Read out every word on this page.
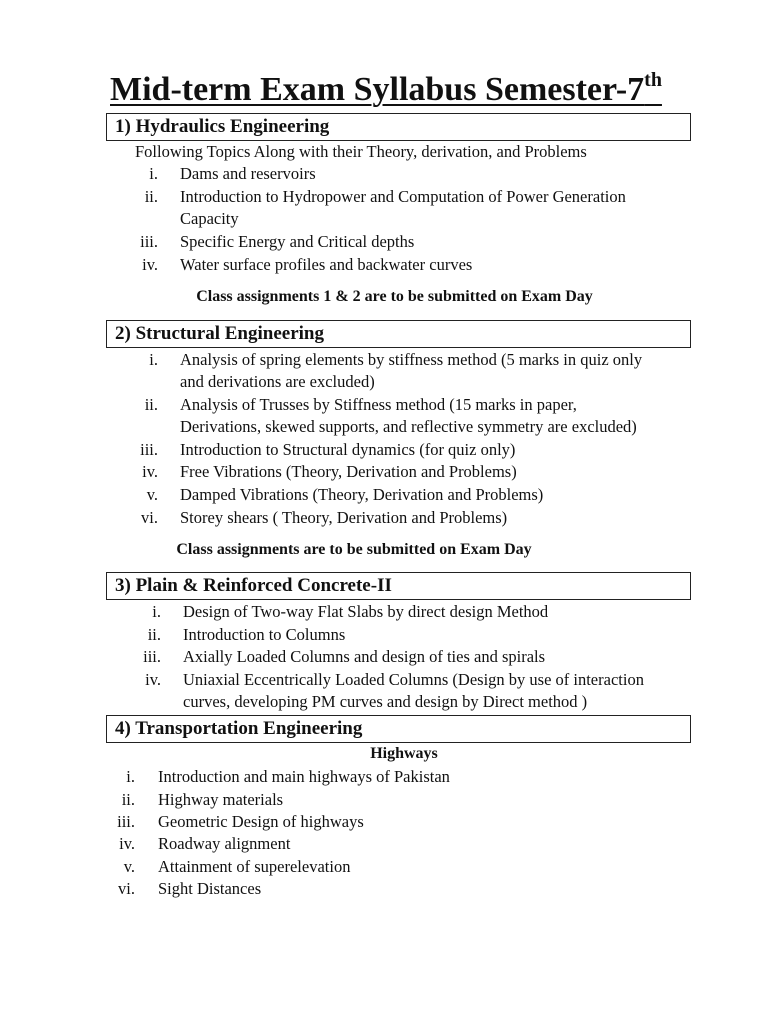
Mid-term Exam Syllabus Semester-7th
1) Hydraulics Engineering
Following Topics Along with their Theory, derivation, and Problems
i. Dams and reservoirs
ii. Introduction to Hydropower and Computation of Power Generation
Capacity
iii. Specific Energy and Critical depths
iv. Water surface profiles and backwater curves
Class assignments 1 & 2 are to be submitted on Exam Day
2) Structural Engineering
i. Analysis of spring elements by stiffness method (5 marks in quiz only
and derivations are excluded)
ii. Analysis of Trusses by Stiffness method (15 marks in paper,
Derivations, skewed supports, and reflective symmetry are excluded)
iii. Introduction to Structural dynamics (for quiz only)
iv. Free Vibrations (Theory, Derivation and Problems)
v. Damped Vibrations (Theory, Derivation and Problems)
vi. Storey shears ( Theory, Derivation and Problems)
Class assignments are to be submitted on Exam Day
3) Plain & Reinforced Concrete-II
i. Design of Two-way Flat Slabs by direct design Method
ii. Introduction to Columns
iii. Axially Loaded Columns and design of ties and spirals
iv. Uniaxial Eccentrically Loaded Columns (Design by use of interaction
curves, developing PM curves and design by Direct method )
4) Transportation Engineering
Highways
i. Introduction and main highways of Pakistan
ii. Highway materials
iii. Geometric Design of highways
iv. Roadway alignment
v. Attainment of superelevation
vi. Sight Distances
